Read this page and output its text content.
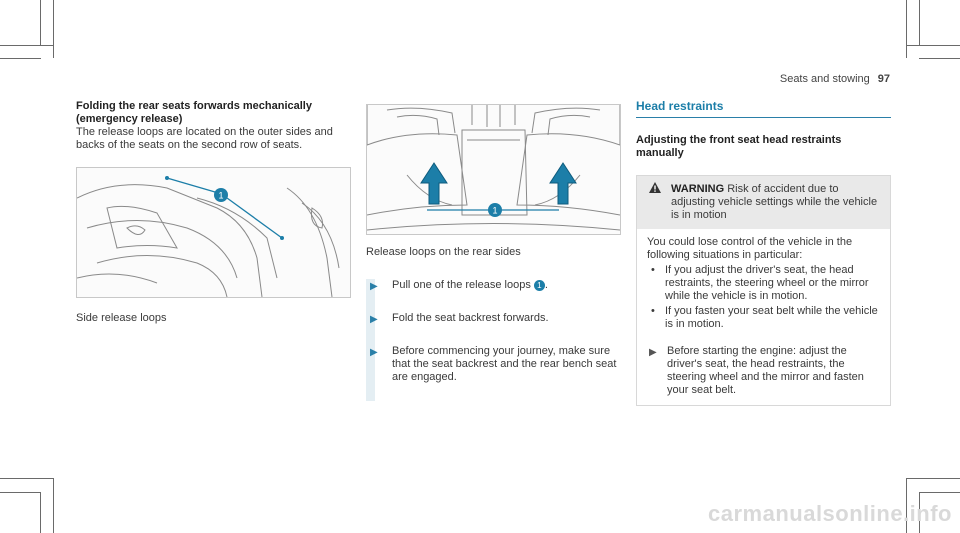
Seats and stowing 97

Folding the rear seats forwards mechanically

(emergency release)

The release loops are located on the outer sides and backs of the seats on the second row of seats.

1

Side release loops

1

Release loops on the rear sides

▶	Pull one of the release loops 1 .
▶	Fold the seat backrest forwards.
▶	Before commencing your journey, make sure that the seat backrest and the rear bench seat are engaged.

Head restraints

Adjusting the front seat head restraints manually

WARNING Risk of accident due to adjusting vehicle settings while the vehicle is in motion

You could lose control of the vehicle in the following situations in particular:

• If you adjust the driver's seat, the head restraints, the steering wheel or the mirror while the vehicle is in motion.
• If you fasten your seat belt while the vehicle is in motion.
▶ Before starting the engine: adjust the driver's seat, the head restraints, the steering wheel and the mirror and fasten your seat belt.
carmanualsonline.info
